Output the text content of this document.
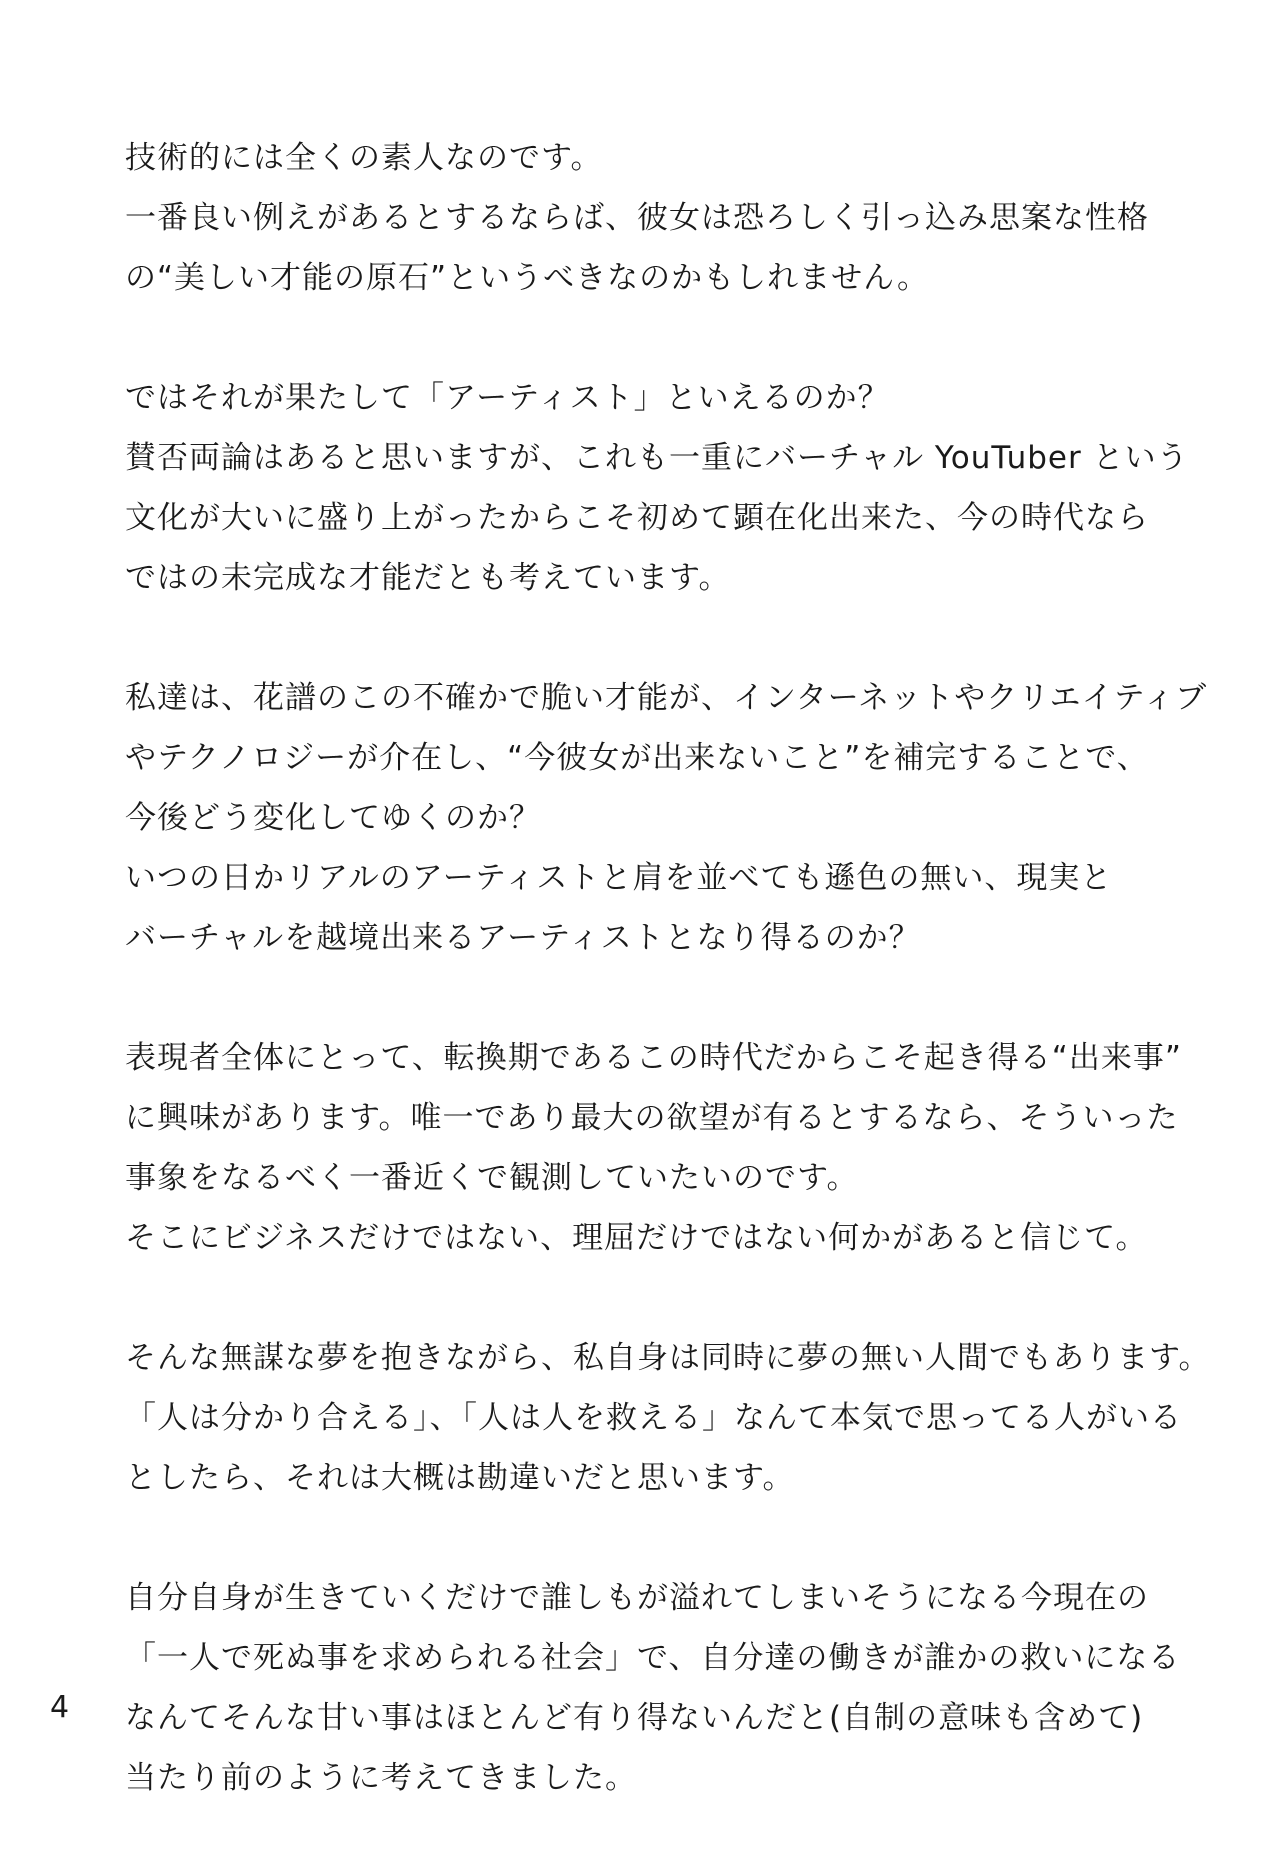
技術的には全くの素人なのです。
一番良い例えがあるとするならば、彼女は恐ろしく引っ込み思案な性格
の“美しい才能の原石”というべきなのかもしれません。

ではそれが果たして「アーティスト」といえるのか？
賛否両論はあると思いますが、これも一重にバーチャル YouTuber という
文化が大いに盛り上がったからこそ初めて顕在化出来た、今の時代なら
ではの未完成な才能だとも考えています。

私達は、花譜のこの不確かで脆い才能が、インターネットやクリエイティブ
やテクノロジーが介在し、“今彼女が出来ないこと”を補完することで、
今後どう変化してゆくのか？
いつの日かリアルのアーティストと肩を並べても遜色の無い、現実と
バーチャルを越境出来るアーティストとなり得るのか？

表現者全体にとって、転換期であるこの時代だからこそ起き得る“出来事”
に興味があります。唯一であり最大の欲望が有るとするなら、そういった
事象をなるべく一番近くで観測していたいのです。
そこにビジネスだけではない、理屈だけではない何かがあると信じて。

そんな無謀な夢を抱きながら、私自身は同時に夢の無い人間でもあります。
「人は分かり合える」、「人は人を救える」なんて本気で思ってる人がいる
としたら、それは大概は勘違いだと思います。

自分自身が生きていくだけで誰しもが溢れてしまいそうになる今現在の
「一人で死ぬ事を求められる社会」で、自分達の働きが誰かの救いになる
なんてそんな甘い事はほとんど有り得ないんだと(自制の意味も含めて)
当たり前のように考えてきました。

4
